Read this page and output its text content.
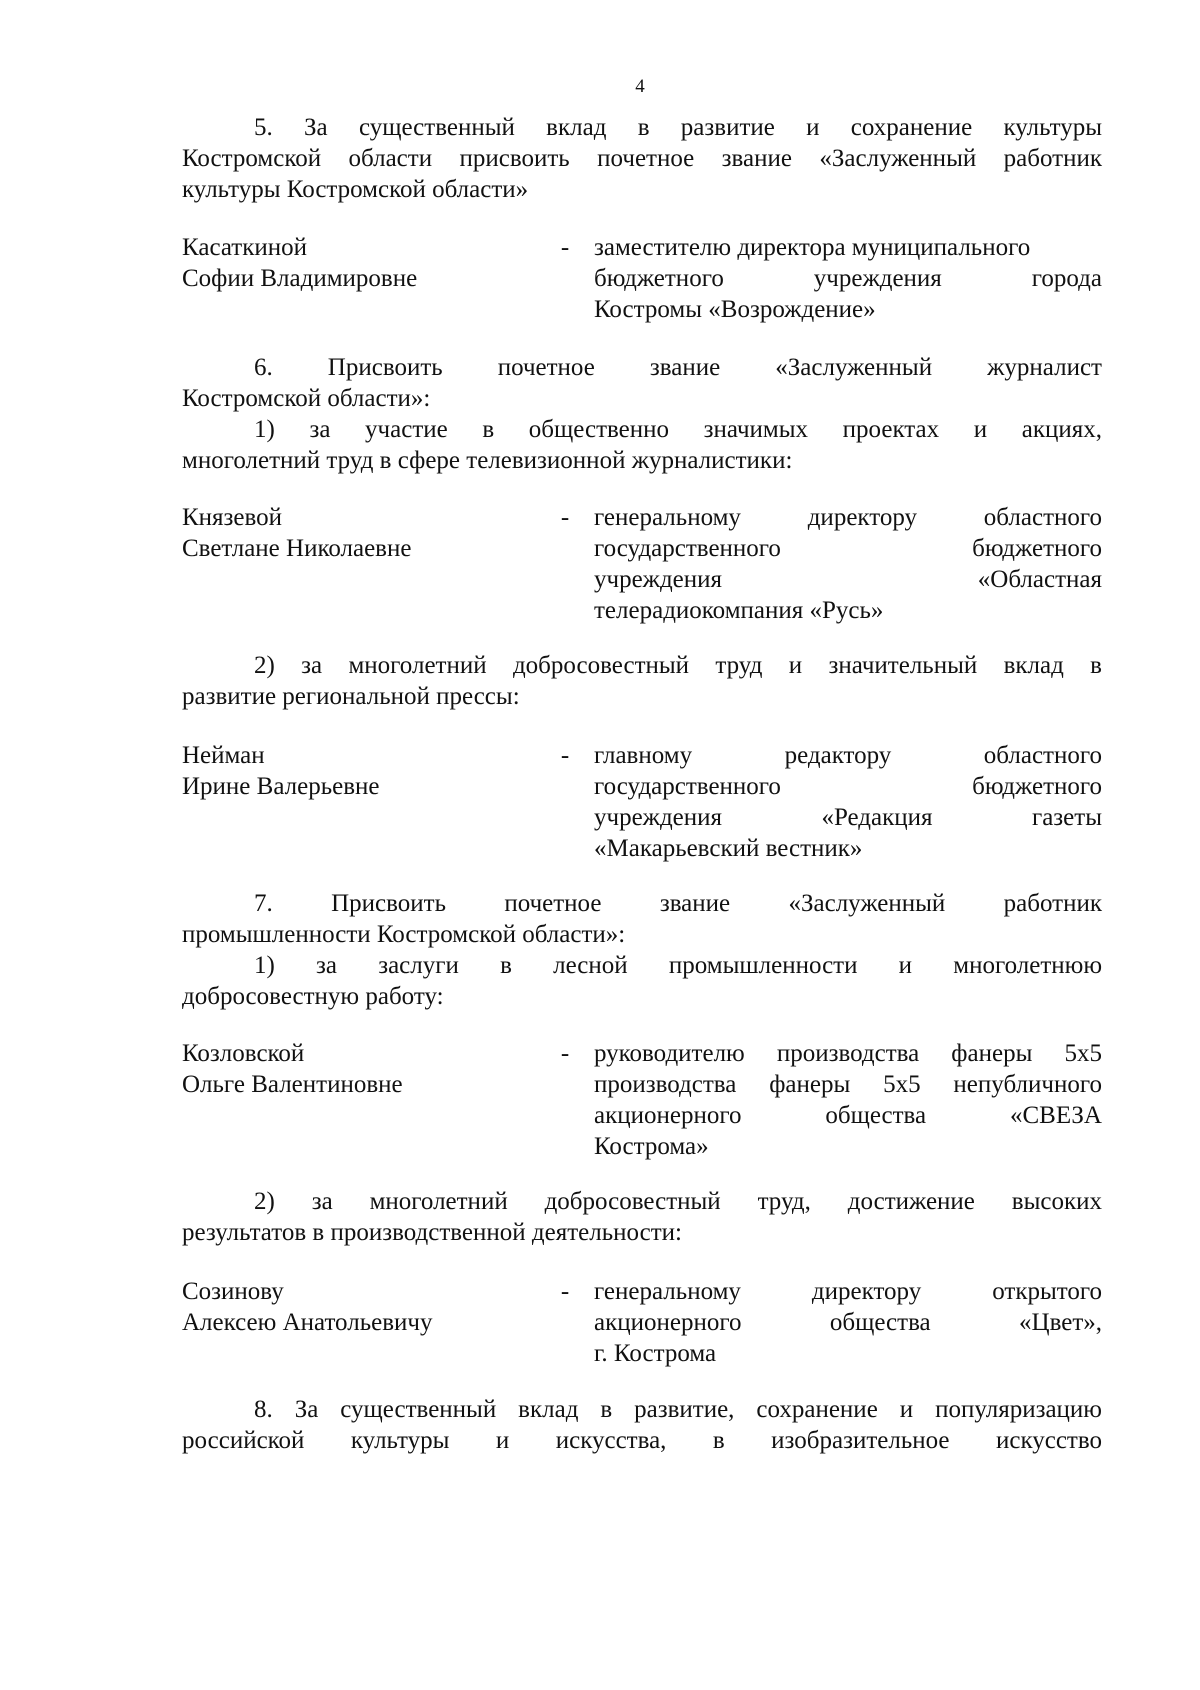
4

5. За существенный вклад в развитие и сохранение культуры

Костромской области присвоить почетное звание «Заслуженный работник

культуры Костромской области»

Касаткиной
Софии Владимировне
- заместителю директора муниципального
бюджетного учреждения города
Костромы «Возрождение»

6. Присвоить почетное звание «Заслуженный журналист

Костромской области»:

1) за участие в общественно значимых проектах и акциях,

многолетний труд в сфере телевизионной журналистики:

Князевой
Светлане Николаевне
- генеральному директору областного
государственного бюджетного
учреждения «Областная
телерадиокомпания «Русь»

2) за многолетний добросовестный труд и значительный вклад в

развитие региональной прессы:

Нейман
Ирине Валерьевне
- главному редактору областного
государственного бюджетного
учреждения «Редакция газеты
«Макарьевский вестник»

7. Присвоить почетное звание «Заслуженный работник

промышленности Костромской области»:

1) за заслуги в лесной промышленности и многолетнюю

добросовестную работу:

Козловской
Ольге Валентиновне
- руководителю производства фанеры 5х5
производства фанеры 5х5 непубличного
акционерного общества «СВЕЗА
Кострома»

2) за многолетний добросовестный труд, достижение высоких

результатов в производственной деятельности:

Созинову
Алексею Анатольевичу
- генеральному директору открытого
акционерного общества «Цвет»,
г. Кострома

8. За существенный вклад в развитие, сохранение и популяризацию

российской культуры и искусства, в изобразительное искусство
